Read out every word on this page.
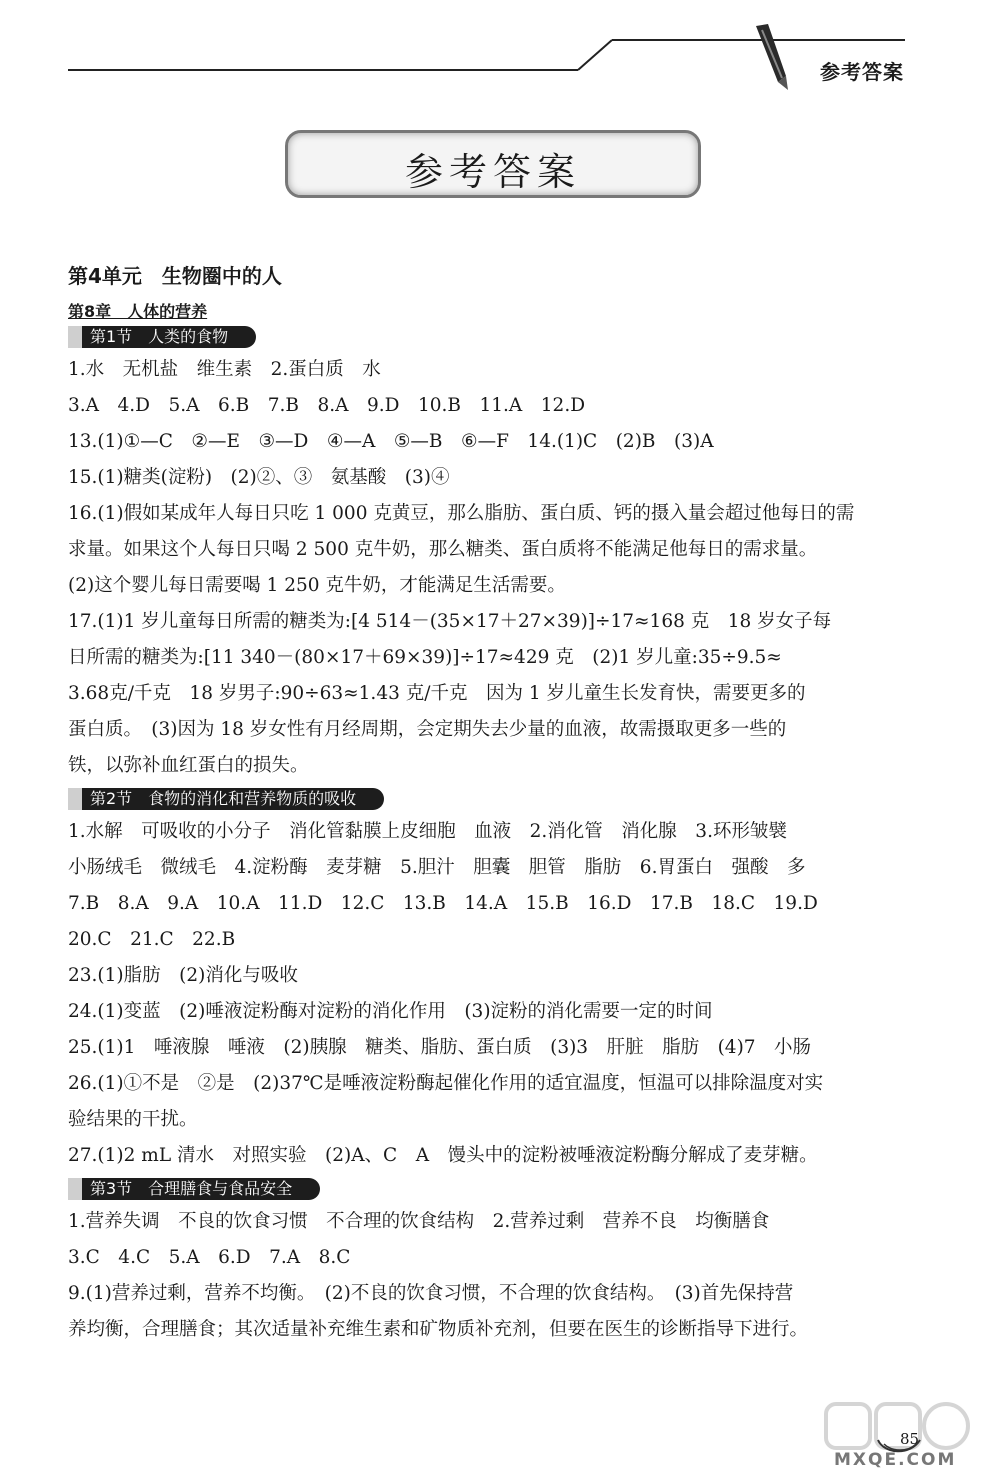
参考答案
参考答案
第4单元　生物圈中的人
第8章　人体的营养
第1节　人类的食物
1.水　无机盐　维生素　2.蛋白质　水
3.A　4.D　5.A　6.B　7.B　8.A　9.D　10.B　11.A　12.D
13.(1)①—C　②—E　③—D　④—A　⑤—B　⑥—F　14.(1)C　(2)B　(3)A
15.(1)糖类(淀粉)　(2)②、③　氨基酸　(3)④
16.(1)假如某成年人每日只吃 1 000 克黄豆，那么脂肪、蛋白质、钙的摄入量会超过他每日的需
求量。如果这个人每日只喝 2 500 克牛奶，那么糖类、蛋白质将不能满足他每日的需求量。
(2)这个婴儿每日需要喝 1 250 克牛奶，才能满足生活需要。
17.(1)1 岁儿童每日所需的糖类为:[4 514－(35×17＋27×39)]÷17≈168 克　18 岁女子每
日所需的糖类为:[11 340－(80×17＋69×39)]÷17≈429 克　(2)1 岁儿童:35÷9.5≈
3.68克/千克　18 岁男子:90÷63≈1.43 克/千克　因为 1 岁儿童生长发育快，需要更多的
蛋白质。　(3)因为 18 岁女性有月经周期，会定期失去少量的血液，故需摄取更多一些的
铁，以弥补血红蛋白的损失。
第2节　食物的消化和营养物质的吸收
1.水解　可吸收的小分子　消化管黏膜上皮细胞　血液　2.消化管　消化腺　3.环形皱襞
小肠绒毛　微绒毛　4.淀粉酶　麦芽糖　5.胆汁　胆囊　胆管　脂肪　6.胃蛋白　强酸　多
7.B　8.A　9.A　10.A　11.D　12.C　13.B　14.A　15.B　16.D　17.B　18.C　19.D
20.C　21.C　22.B
23.(1)脂肪　(2)消化与吸收
24.(1)变蓝　(2)唾液淀粉酶对淀粉的消化作用　(3)淀粉的消化需要一定的时间
25.(1)1　唾液腺　唾液　(2)胰腺　糖类、脂肪、蛋白质　(3)3　肝脏　脂肪　(4)7　小肠
26.(1)①不是　②是　(2)37℃是唾液淀粉酶起催化作用的适宜温度，恒温可以排除温度对实
验结果的干扰。
27.(1)2 mL 清水　对照实验　(2)A、C　A　馒头中的淀粉被唾液淀粉酶分解成了麦芽糖。
第3节　合理膳食与食品安全
1.营养失调　不良的饮食习惯　不合理的饮食结构　2.营养过剩　营养不良　均衡膳食
3.C　4.C　5.A　6.D　7.A　8.C
9.(1)营养过剩，营养不均衡。　(2)不良的饮食习惯，不合理的饮食结构。　(3)首先保持营
养均衡，合理膳食；其次适量补充维生素和矿物质补充剂，但要在医生的诊断指导下进行。
MXQE.COM
85
